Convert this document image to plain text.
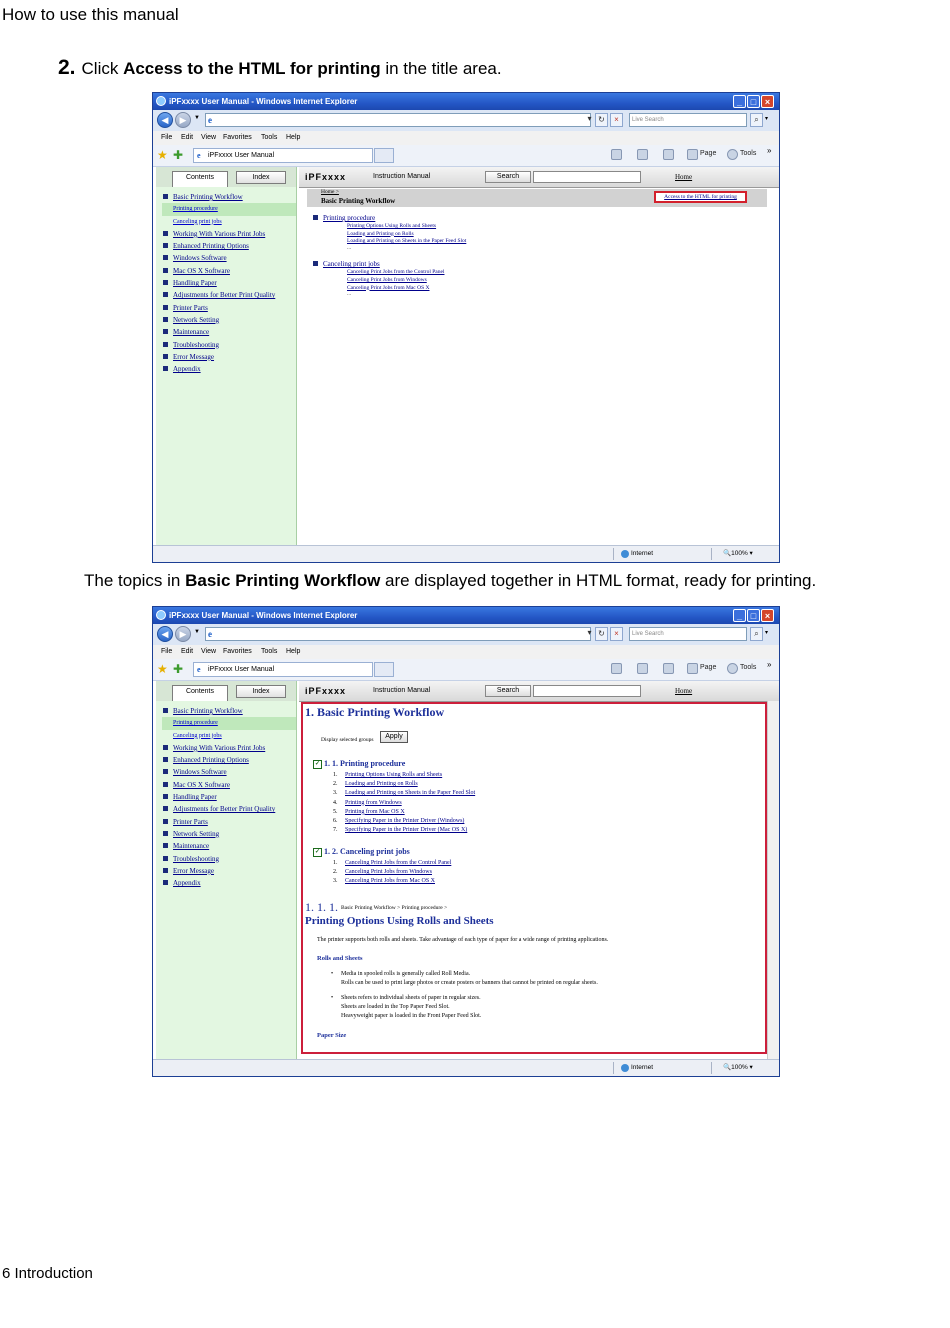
How to use this manual
2. Click Access to the HTML for printing in the title area.
iPFxxxx User Manual - Windows Internet Explorer	_ □ ×
◀	▶	▼ e	▾ ↻	×	Live Search	⌕	▾
File Edit View Favorites Tools Help
★ ✚ e iPFxxxx User Manual	Page	Tools »
Contents	Index
Basic Printing Workflow
Printing procedure
Canceling print jobs
Working With Various Print Jobs
Enhanced Printing Options
Windows Software
Mac OS X Software
Handling Paper
Adjustments for Better Print Quality
Printer Parts
Network Setting
Maintenance
Troubleshooting
Error Message
Appendix
iPFxxxx	Instruction Manual	Search	Home
Home >
Basic Printing Workflow	Access to the HTML for printing
Printing procedure
Printing Options Using Rolls and Sheets
Loading and Printing on Rolls
Loading and Printing on Sheets in the Paper Feed Slot
...
Canceling print jobs
Canceling Print Jobs from the Control Panel
Canceling Print Jobs from Windows
Canceling Print Jobs from Mac OS X
...
Internet	🔍100% ▾
The topics in Basic Printing Workflow are displayed together in HTML format, ready for printing.
iPFxxxx User Manual - Windows Internet Explorer	_ □ ×
◀	▶	▼ e	▾ ↻	×	Live Search	⌕	▾
File Edit View Favorites Tools Help
★ ✚ e iPFxxxx User Manual	Page	Tools »
Contents	Index
Basic Printing Workflow
Printing procedure
Canceling print jobs
Working With Various Print Jobs
Enhanced Printing Options
Windows Software
Mac OS X Software
Handling Paper
Adjustments for Better Print Quality
Printer Parts
Network Setting
Maintenance
Troubleshooting
Error Message
Appendix
iPFxxxx	Instruction Manual	Search	Home
1. Basic Printing Workflow
Display selected groups	Apply
✓ 1. 1. Printing procedure
1. Printing Options Using Rolls and Sheets
2. Loading and Printing on Rolls
3. Loading and Printing on Sheets in the Paper Feed Slot
4. Printing from Windows
5. Printing from Mac OS X
6. Specifying Paper in the Printer Driver (Windows)
7. Specifying Paper in the Printer Driver (Mac OS X)
✓ 1. 2. Canceling print jobs
1. Canceling Print Jobs from the Control Panel
2. Canceling Print Jobs from Windows
3. Canceling Print Jobs from Mac OS X
1. 1. 1. Basic Printing Workflow > Printing procedure >
Printing Options Using Rolls and Sheets
The printer supports both rolls and sheets. Take advantage of each type of paper for a wide range of printing applications.
Rolls and Sheets
• Media in spooled rolls is generally called Roll Media.
Rolls can be used to print large photos or create posters or banners that cannot be printed on regular sheets.
• Sheets refers to individual sheets of paper in regular sizes.
Sheets are loaded in the Top Paper Feed Slot.
Heavyweight paper is loaded in the Front Paper Feed Slot.
Paper Size
Internet	🔍100% ▾
6 Introduction
